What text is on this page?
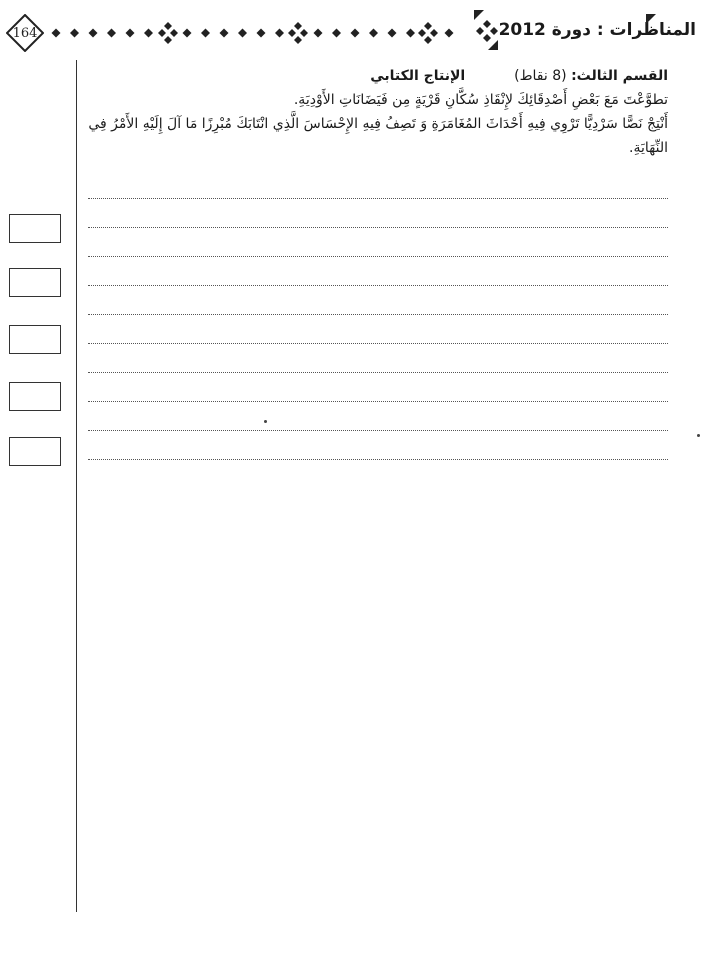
164	المناظرات : دورة 2012
القسم الثالث: (8 نقاط)  الإنتاج الكتابي

تطوَّعْتَ مَعَ بَعْضِ أَصْدِقَائِكَ لإِنْقَاذِ سُكَّانِ قَرْيَةٍ مِن فَيَضَانَاتِ الأَوْدِيَةِ.

أَنْتِجْ نَصًّا سَرْدِيًّا تَرْوِي فِيهِ أَحْدَاثَ المُغَامَرَةِ وَ تَصِفُ فِيهِ الإِحْسَاسَ الَّذِي انْتَابَكَ مُبْرِزًا مَا آلَ إِلَيْهِ الأَمْرُ فِي النِّهَايَةِ.
